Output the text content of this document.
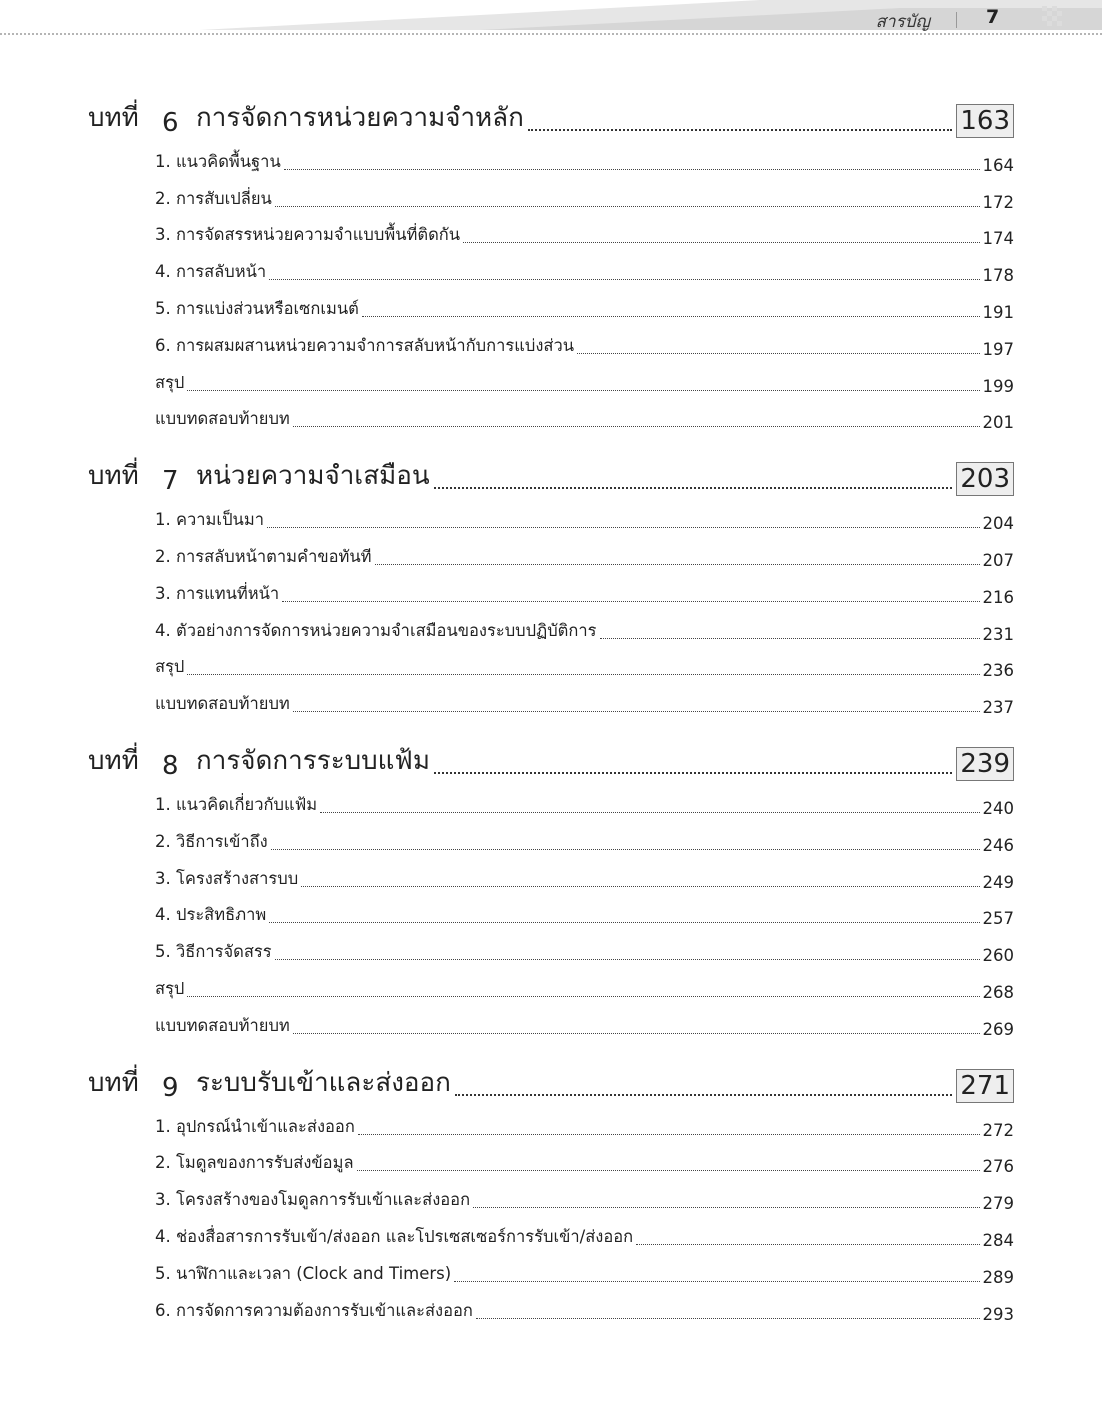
สารบัญ	7
บทที่ 6 การจัดการหน่วยความจำหลัก	163
1. แนวคิดพื้นฐาน	164
2. การสับเปลี่ยน	172
3. การจัดสรรหน่วยความจำแบบพื้นที่ติดกัน	174
4. การสลับหน้า	178
5. การแบ่งส่วนหรือเซกเมนต์	191
6. การผสมผสานหน่วยความจำการสลับหน้ากับการแบ่งส่วน	197
สรุป	199
แบบทดสอบท้ายบท	201
บทที่ 7 หน่วยความจำเสมือน	203
1. ความเป็นมา	204
2. การสลับหน้าตามคำขอทันที	207
3. การแทนที่หน้า	216
4. ตัวอย่างการจัดการหน่วยความจำเสมือนของระบบปฏิบัติการ	231
สรุป	236
แบบทดสอบท้ายบท	237
บทที่ 8 การจัดการระบบแฟ้ม	239
1. แนวคิดเกี่ยวกับแฟ้ม	240
2. วิธีการเข้าถึง	246
3. โครงสร้างสารบบ	249
4. ประสิทธิภาพ	257
5. วิธีการจัดสรร	260
สรุป	268
แบบทดสอบท้ายบท	269
บทที่ 9 ระบบรับเข้าและส่งออก	271
1. อุปกรณ์นำเข้าและส่งออก	272
2. โมดูลของการรับส่งข้อมูล	276
3. โครงสร้างของโมดูลการรับเข้าและส่งออก	279
4. ช่องสื่อสารการรับเข้า/ส่งออก และโปรเซสเซอร์การรับเข้า/ส่งออก	284
5. นาฬิกาและเวลา (Clock and Timers)	289
6. การจัดการความต้องการรับเข้าและส่งออก	293
